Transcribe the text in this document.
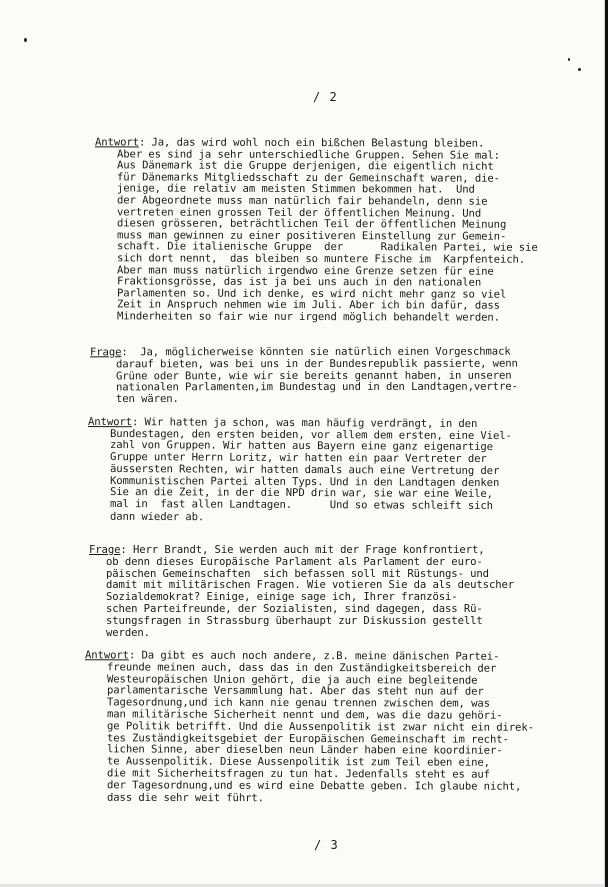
/ 2
Antwort: Ja, das wird wohl noch ein bißchen Belastung bleiben.
Aber es sind ja sehr unterschiedliche Gruppen. Sehen Sie mal:
Aus Dänemark ist die Gruppe derjenigen, die eigentlich nicht
für Dänemarks Mitgliedsschaft zu der Gemeinschaft waren, die-
jenige, die relativ am meisten Stimmen bekommen hat.  Und
der Abgeordnete muss man natürlich fair behandeln, denn sie
vertreten einen grossen Teil der öffentlichen Meinung. Und
diesen grösseren, beträchtlichen Teil der öffentlichen Meinung
muss man gewinnen zu einer positiveren Einstellung zur Gemein-
schaft. Die italienische Gruppe  der      Radikalen Partei, wie sie
sich dort nennt,  das bleiben so muntere Fische im  Karpfenteich.
Aber man muss natürlich irgendwo eine Grenze setzen für eine
Fraktionsgrösse, das ist ja bei uns auch in den nationalen
Parlamenten so. Und ich denke, es wird nicht mehr ganz so viel
Zeit in Anspruch nehmen wie im Juli. Aber ich bin dafür, dass
Minderheiten so fair wie nur irgend möglich behandelt werden.
Frage:  Ja, möglicherweise könnten sie natürlich einen Vorgeschmack
darauf bieten, was bei uns in der Bundesrepublik passierte, wenn
Grüne oder Bunte, wie wir sie bereits genannt haben, in unseren
nationalen Parlamenten,im Bundestag und in den Landtagen,vertre-
ten wären.
Antwort: Wir hatten ja schon, was man häufig verdrängt, in den
Bundestagen, den ersten beiden, vor allem dem ersten, eine Viel-
zahl von Gruppen. Wir hatten aus Bayern eine ganz eigenartige
Gruppe unter Herrn Loritz, wir hatten ein paar Vertreter der
äussersten Rechten, wir hatten damals auch eine Vertretung der
Kommunistischen Partei alten Typs. Und in den Landtagen denken
Sie an die Zeit, in der die NPD drin war, sie war eine Weile,
mal in  fast allen Landtagen.      Und so etwas schleift sich
dann wieder ab.
Frage: Herr Brandt, Sie werden auch mit der Frage konfrontiert,
ob denn dieses Europäische Parlament als Parlament der euro-
päischen Gemeinschaften  sich befassen soll mit Rüstungs- und
damit mit militärischen Fragen. Wie votieren Sie da als deutscher
Sozialdemokrat? Einige, einige sage ich, Ihrer französi-
schen Parteifreunde, der Sozialisten, sind dagegen, dass Rü-
stungsfragen in Strassburg überhaupt zur Diskussion gestellt
werden.
Antwort: Da gibt es auch noch andere, z.B. meine dänischen Partei-
freunde meinen auch, dass das in den Zuständigkeitsbereich der
Westeuropäischen Union gehört, die ja auch eine begleitende
parlamentarische Versammlung hat. Aber das steht nun auf der
Tagesordnung,und ich kann nie genau trennen zwischen dem, was
man militärische Sicherheit nennt und dem, was die dazu gehöri-
ge Politik betrifft. Und die Aussenpolitik ist zwar nicht ein direk-
tes Zuständigkeitsgebiet der Europäischen Gemeinschaft im recht-
lichen Sinne, aber dieselben neun Länder haben eine koordinier-
te Aussenpolitik. Diese Aussenpolitik ist zum Teil eben eine,
die mit Sicherheitsfragen zu tun hat. Jedenfalls steht es auf
der Tagesordnung,und es wird eine Debatte geben. Ich glaube nicht,
dass die sehr weit führt.
/ 3
